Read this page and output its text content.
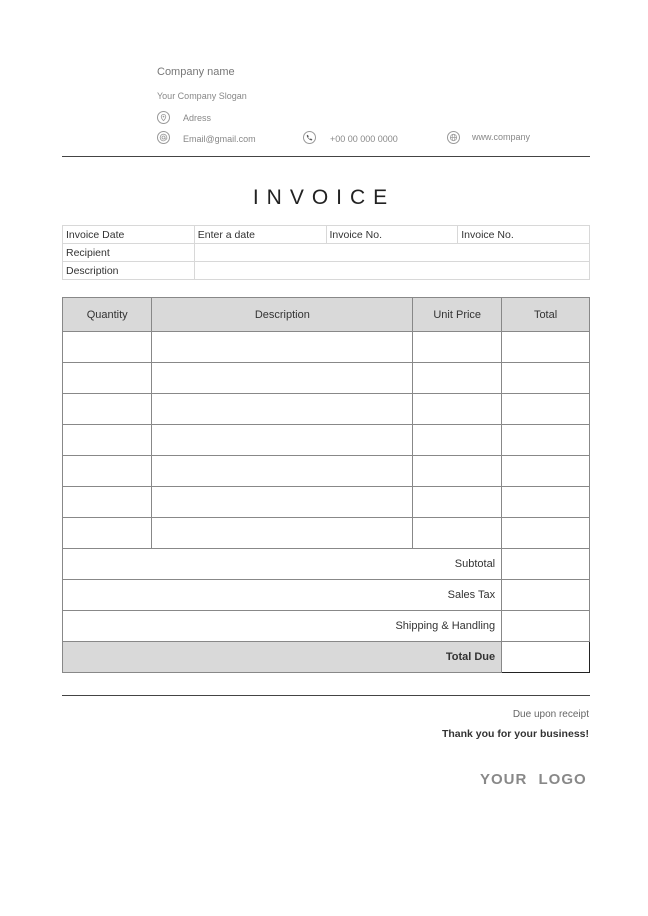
Company name
Your Company Slogan
Adress
Email@gmail.com	+00 00 000 0000	www.company
INVOICE
Invoice Date	Enter a date	Invoice No.	Invoice No.
Recipient			
Description			
Quantity	Description	Unit Price	Total

Subtotal			
Sales Tax			
Shipping & Handling			
Total Due			
Due upon receipt
Thank you for your business!
YOUR LOGO
